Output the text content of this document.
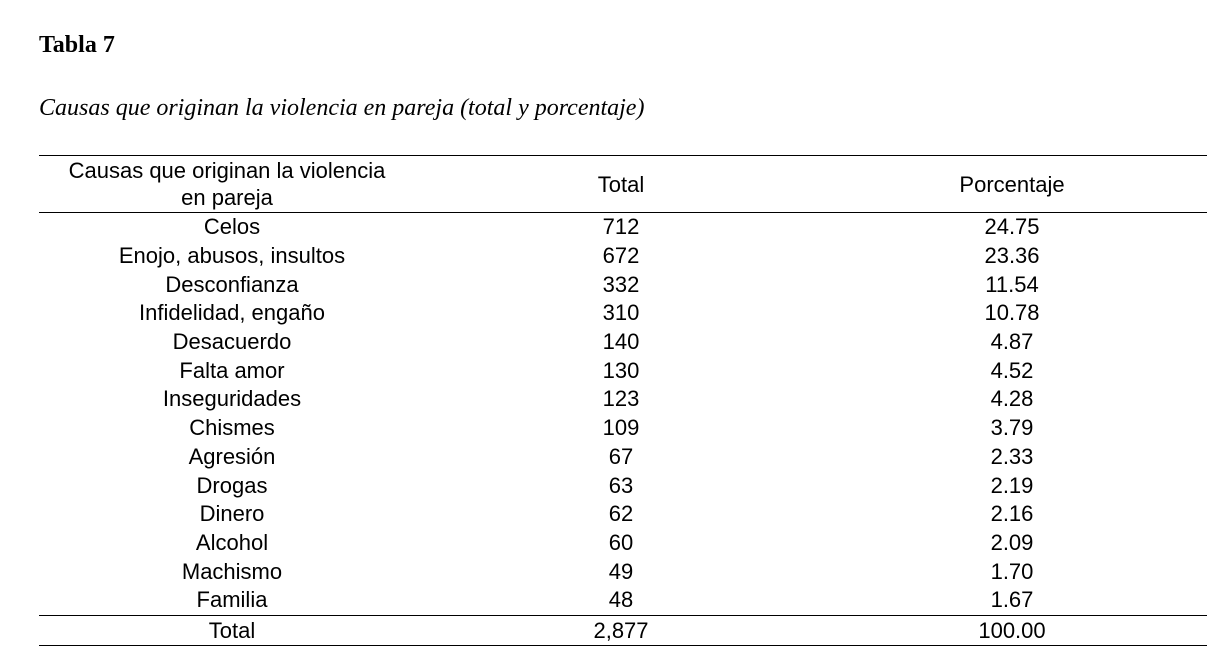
Tabla 7
Causas que originan la violencia en pareja (total y porcentaje)
Causas que originan la violencia
en pareja	Total	Porcentaje
Celos	712	24.75
Enojo, abusos, insultos	672	23.36
Desconfianza	332	11.54
Infidelidad, engaño	310	10.78
Desacuerdo	140	4.87
Falta amor	130	4.52
Inseguridades	123	4.28
Chismes	109	3.79
Agresión	67	2.33
Drogas	63	2.19
Dinero	62	2.16
Alcohol	60	2.09
Machismo	49	1.70
Familia	48	1.67
Total	2,877	100.00
